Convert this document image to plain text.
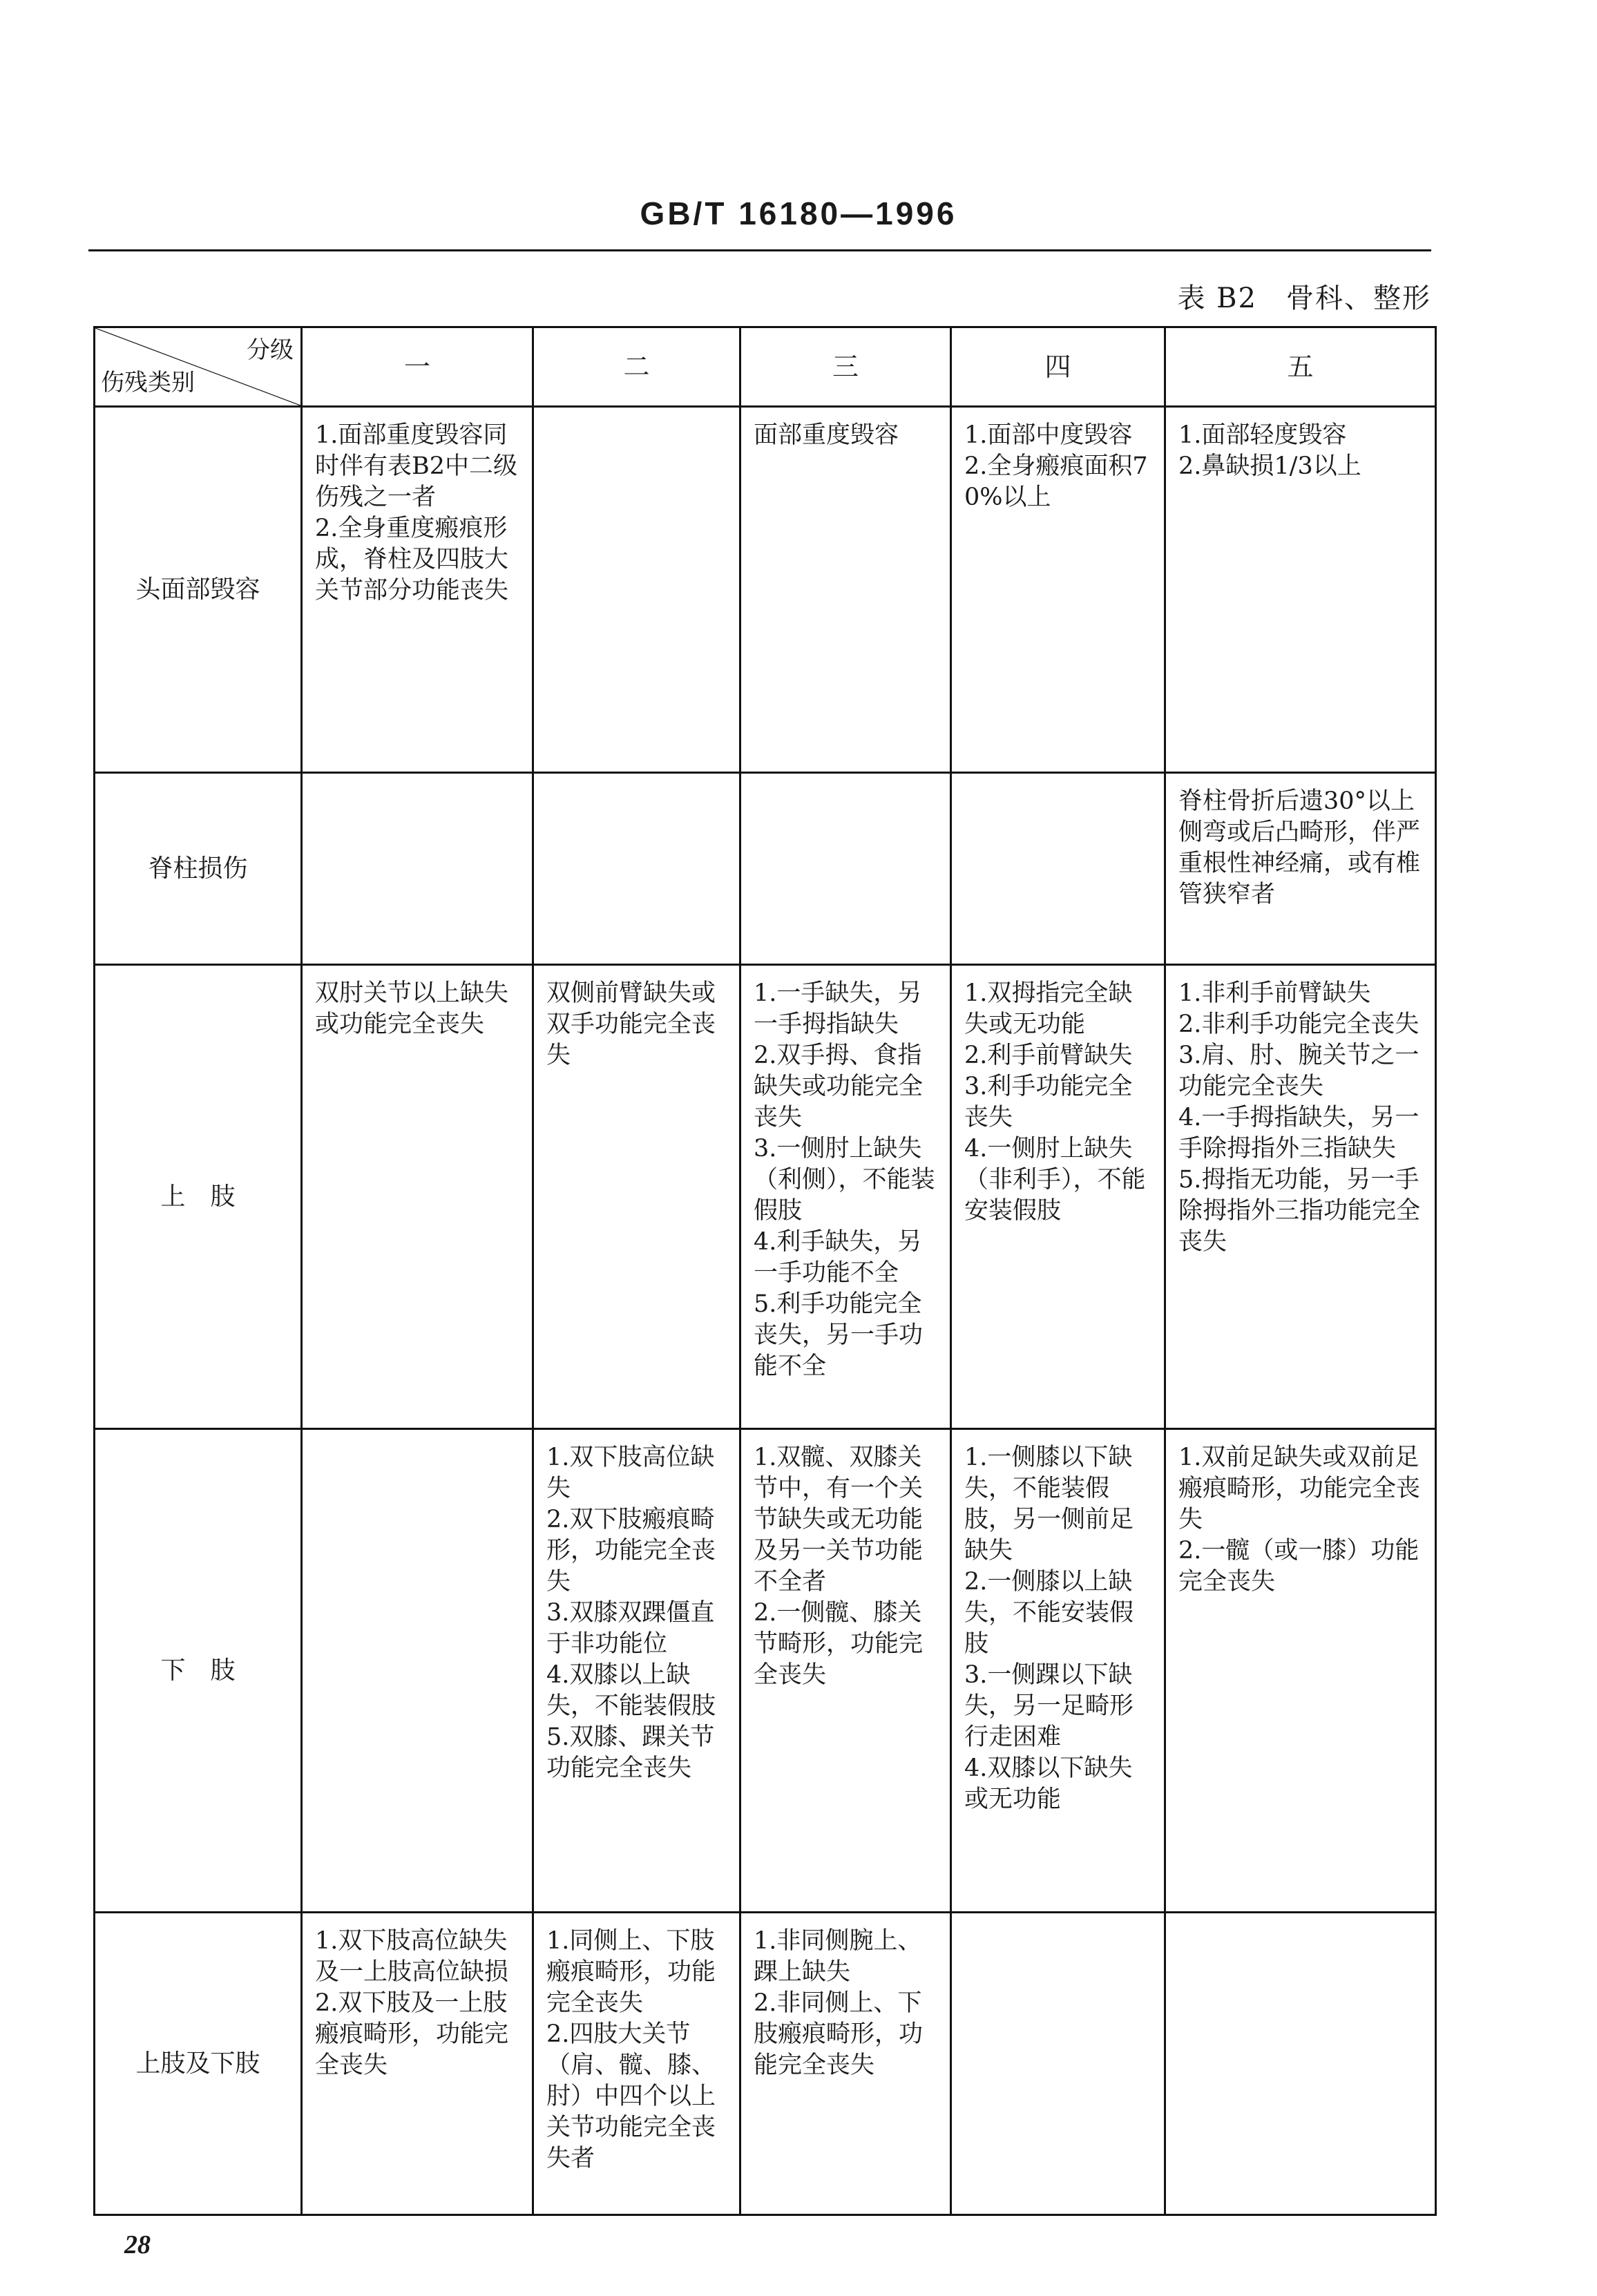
GB/T 16180—1996
表 B2　骨科、整形
分级
伤残类别	一	二	三	四	五
头面部毁容	1.面部重度毁容同时伴有表B2中二级伤残之一者
2.全身重度瘢痕形成，脊柱及四肢大关节部分功能丧失		面部重度毁容	1.面部中度毁容
2.全身瘢痕面积70%以上	1.面部轻度毁容
2.鼻缺损1/3以上

脊柱损伤					脊柱骨折后遗30°以上侧弯或后凸畸形，伴严重根性神经痛，或有椎管狭窄者

上　肢	双肘关节以上缺失或功能完全丧失	双侧前臂缺失或双手功能完全丧失	1.一手缺失，另一手拇指缺失
2.双手拇、食指缺失或功能完全丧失
3.一侧肘上缺失（利侧），不能装假肢
4.利手缺失，另一手功能不全
5.利手功能完全丧失，另一手功能不全	1.双拇指完全缺失或无功能
2.利手前臂缺失
3.利手功能完全丧失
4.一侧肘上缺失（非利手），不能安装假肢	1.非利手前臂缺失
2.非利手功能完全丧失
3.肩、肘、腕关节之一功能完全丧失
4.一手拇指缺失，另一手除拇指外三指缺失
5.拇指无功能，另一手除拇指外三指功能完全丧失

下　肢		1.双下肢高位缺失
2.双下肢瘢痕畸形，功能完全丧失
3.双膝双踝僵直于非功能位
4.双膝以上缺失，不能装假肢
5.双膝、踝关节功能完全丧失	1.双髋、双膝关节中，有一个关节缺失或无功能及另一关节功能不全者
2.一侧髋、膝关节畸形，功能完全丧失	1.一侧膝以下缺失，不能装假肢，另一侧前足缺失
2.一侧膝以上缺失，不能安装假肢
3.一侧踝以下缺失，另一足畸形行走困难
4.双膝以下缺失或无功能	1.双前足缺失或双前足瘢痕畸形，功能完全丧失
2.一髋（或一膝）功能完全丧失

上肢及下肢	1.双下肢高位缺失及一上肢高位缺损
2.双下肢及一上肢瘢痕畸形，功能完全丧失	1.同侧上、下肢瘢痕畸形，功能完全丧失
2.四肢大关节（肩、髋、膝、肘）中四个以上关节功能完全丧失者	1.非同侧腕上、踝上缺失
2.非同侧上、下肢瘢痕畸形，功能完全丧失		

28
